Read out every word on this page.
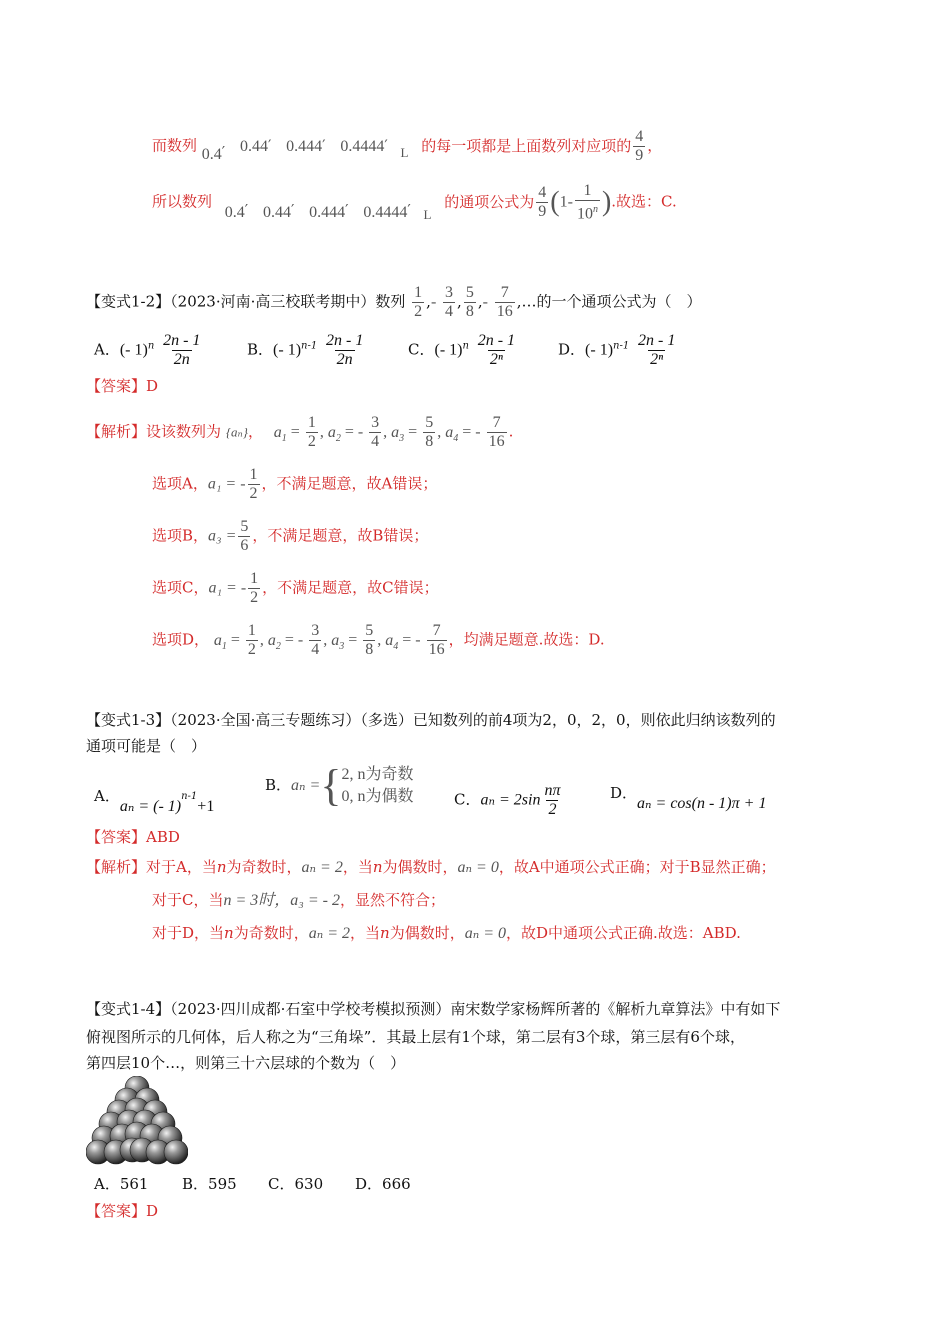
而数列 0.4′ 0.44′ 0.444′ 0.4444′ L 的每一项都是上面数列对应项的 $\frac{4}{9}$ ，
所以数列 0.4′ 0.44′ 0.444′ 0.4444′ L 的通项公式为 $\frac{4}{9} (1- \frac{1}{10^n}$ ).故选：C.
【变式1-2】（2023·河南·高三校联考期中）数列 $\frac{1}{2}$ ,- $\frac{3}{4}$ , $\frac{5}{8}$ ,- $\frac{7}{16}$ ,…的一个通项公式为（　）
A．(- $1)^n \frac{2n - 1}{2n}$	B．(- $1)^{n-1} \frac{2n - 1}{2n}$	C．(- $1)^n \frac{2n - 1}{\text{2ⁿ}}$	D．(- $1)^{n-1} \frac{2n - 1}{\text{2ⁿ}}$
【答案】D
【解析】设该数列为 {aₙ}， $a_1 = \frac{1}{2}$ , $a_2$ = - $\frac{3}{4}$ , $a_3 = \frac{5}{8}$ , $a_4$ = - $\frac{7}{16}$ .
选项A，a₁ = - $\frac{1}{2}$ ，不满足题意，故A错误；
选项B，$a_3 = \frac{5}{6}$ ，不满足题意，故B错误；
选项C，a₁ = - $\frac{1}{2}$ ，不满足题意，故C错误；
选项D， $a_1 = \frac{1}{2}$ , $a_2$ = - $\frac{3}{4}$ , $a_3 = \frac{5}{8}$ , $a_4$ = - $\frac{7}{16}$ ，均满足题意.故选：D.
【变式1-3】（2023·全国·高三专题练习）（多选）已知数列的前4项为2，0，2，0，则依此归纳该数列的
通项可能是（　）
A．aₙ = (- 1)$^{n-1}$+1
B．aₙ ={ 2, n为奇数
0, n为偶数	C．$a_n = 2\sin \frac{n\pi}{2}$	D．aₙ = cos(n - 1)π + 1
【答案】ABD
【解析】对于A，当n为奇数时，aₙ = 2，当n为偶数时，aₙ = 0，故A中通项公式正确；对于B显然正确；
对于C，当n = 3时，a₃ = - 2，显然不符合；
对于D，当n为奇数时，aₙ = 2，当n为偶数时，aₙ = 0，故D中通项公式正确.故选：ABD.
【变式1-4】（2023·四川成都·石室中学校考模拟预测）南宋数学家杨辉所著的《解析九章算法》中有如下
俯视图所示的几何体，后人称之为“三角垛”．其最上层有1个球，第二层有3个球，第三层有6个球，
第四层10个…，则第三十六层球的个数为（　）
A．561 B．595 C．630 D．666
【答案】D
